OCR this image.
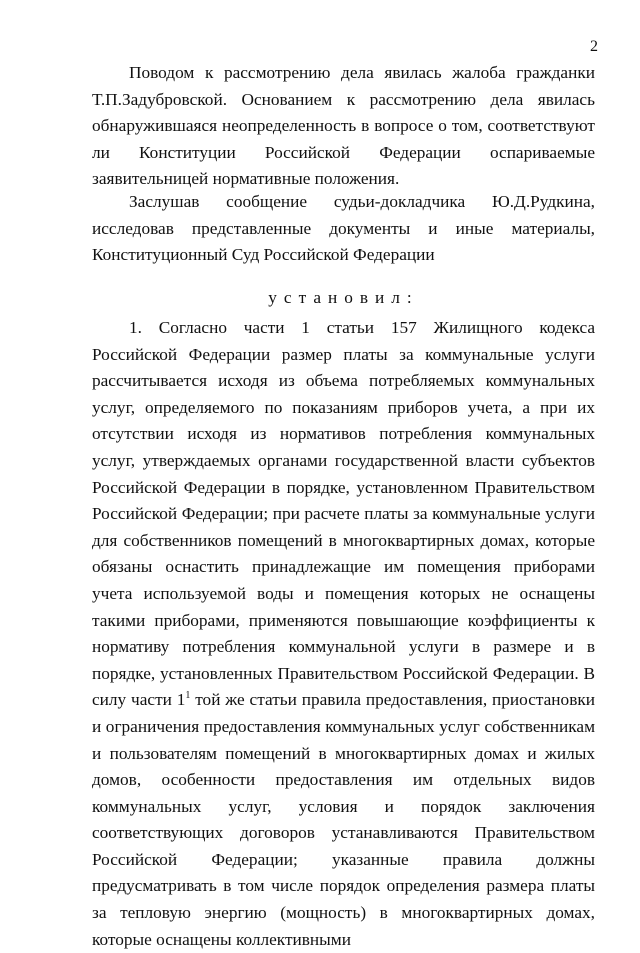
2

Поводом к рассмотрению дела явилась жалоба гражданки Т.П.Задубровской. Основанием к рассмотрению дела явилась обнаружившаяся неопределенность в вопросе о том, соответствуют ли Конституции Российской Федерации оспариваемые заявительницей нормативные положения.

Заслушав сообщение судьи-докладчика Ю.Д.Рудкина, исследовав представленные документы и иные материалы, Конституционный Суд Российской Федерации

установил:

1. Согласно части 1 статьи 157 Жилищного кодекса Российской Федерации размер платы за коммунальные услуги рассчитывается исходя из объема потребляемых коммунальных услуг, определяемого по показаниям приборов учета, а при их отсутствии исходя из нормативов потребления коммунальных услуг, утверждаемых органами государственной власти субъектов Российской Федерации в порядке, установленном Правительством Российской Федерации; при расчете платы за коммунальные услуги для собственников помещений в многоквартирных домах, которые обязаны оснастить принадлежащие им помещения приборами учета используемой воды и помещения которых не оснащены такими приборами, применяются повышающие коэффициенты к нормативу потребления коммунальной услуги в размере и в порядке, установленных Правительством Российской Федерации. В силу части $1^1$ той же статьи правила предоставления, приостановки и ограничения предоставления коммунальных услуг собственникам и пользователям помещений в многоквартирных домах и жилых домов, особенности предоставления им отдельных видов коммунальных услуг, условия и порядок заключения соответствующих договоров устанавливаются Правительством Российской Федерации; указанные правила должны предусматривать в том числе порядок определения размера платы за тепловую энергию (мощность) в многоквартирных домах, которые оснащены коллективными
